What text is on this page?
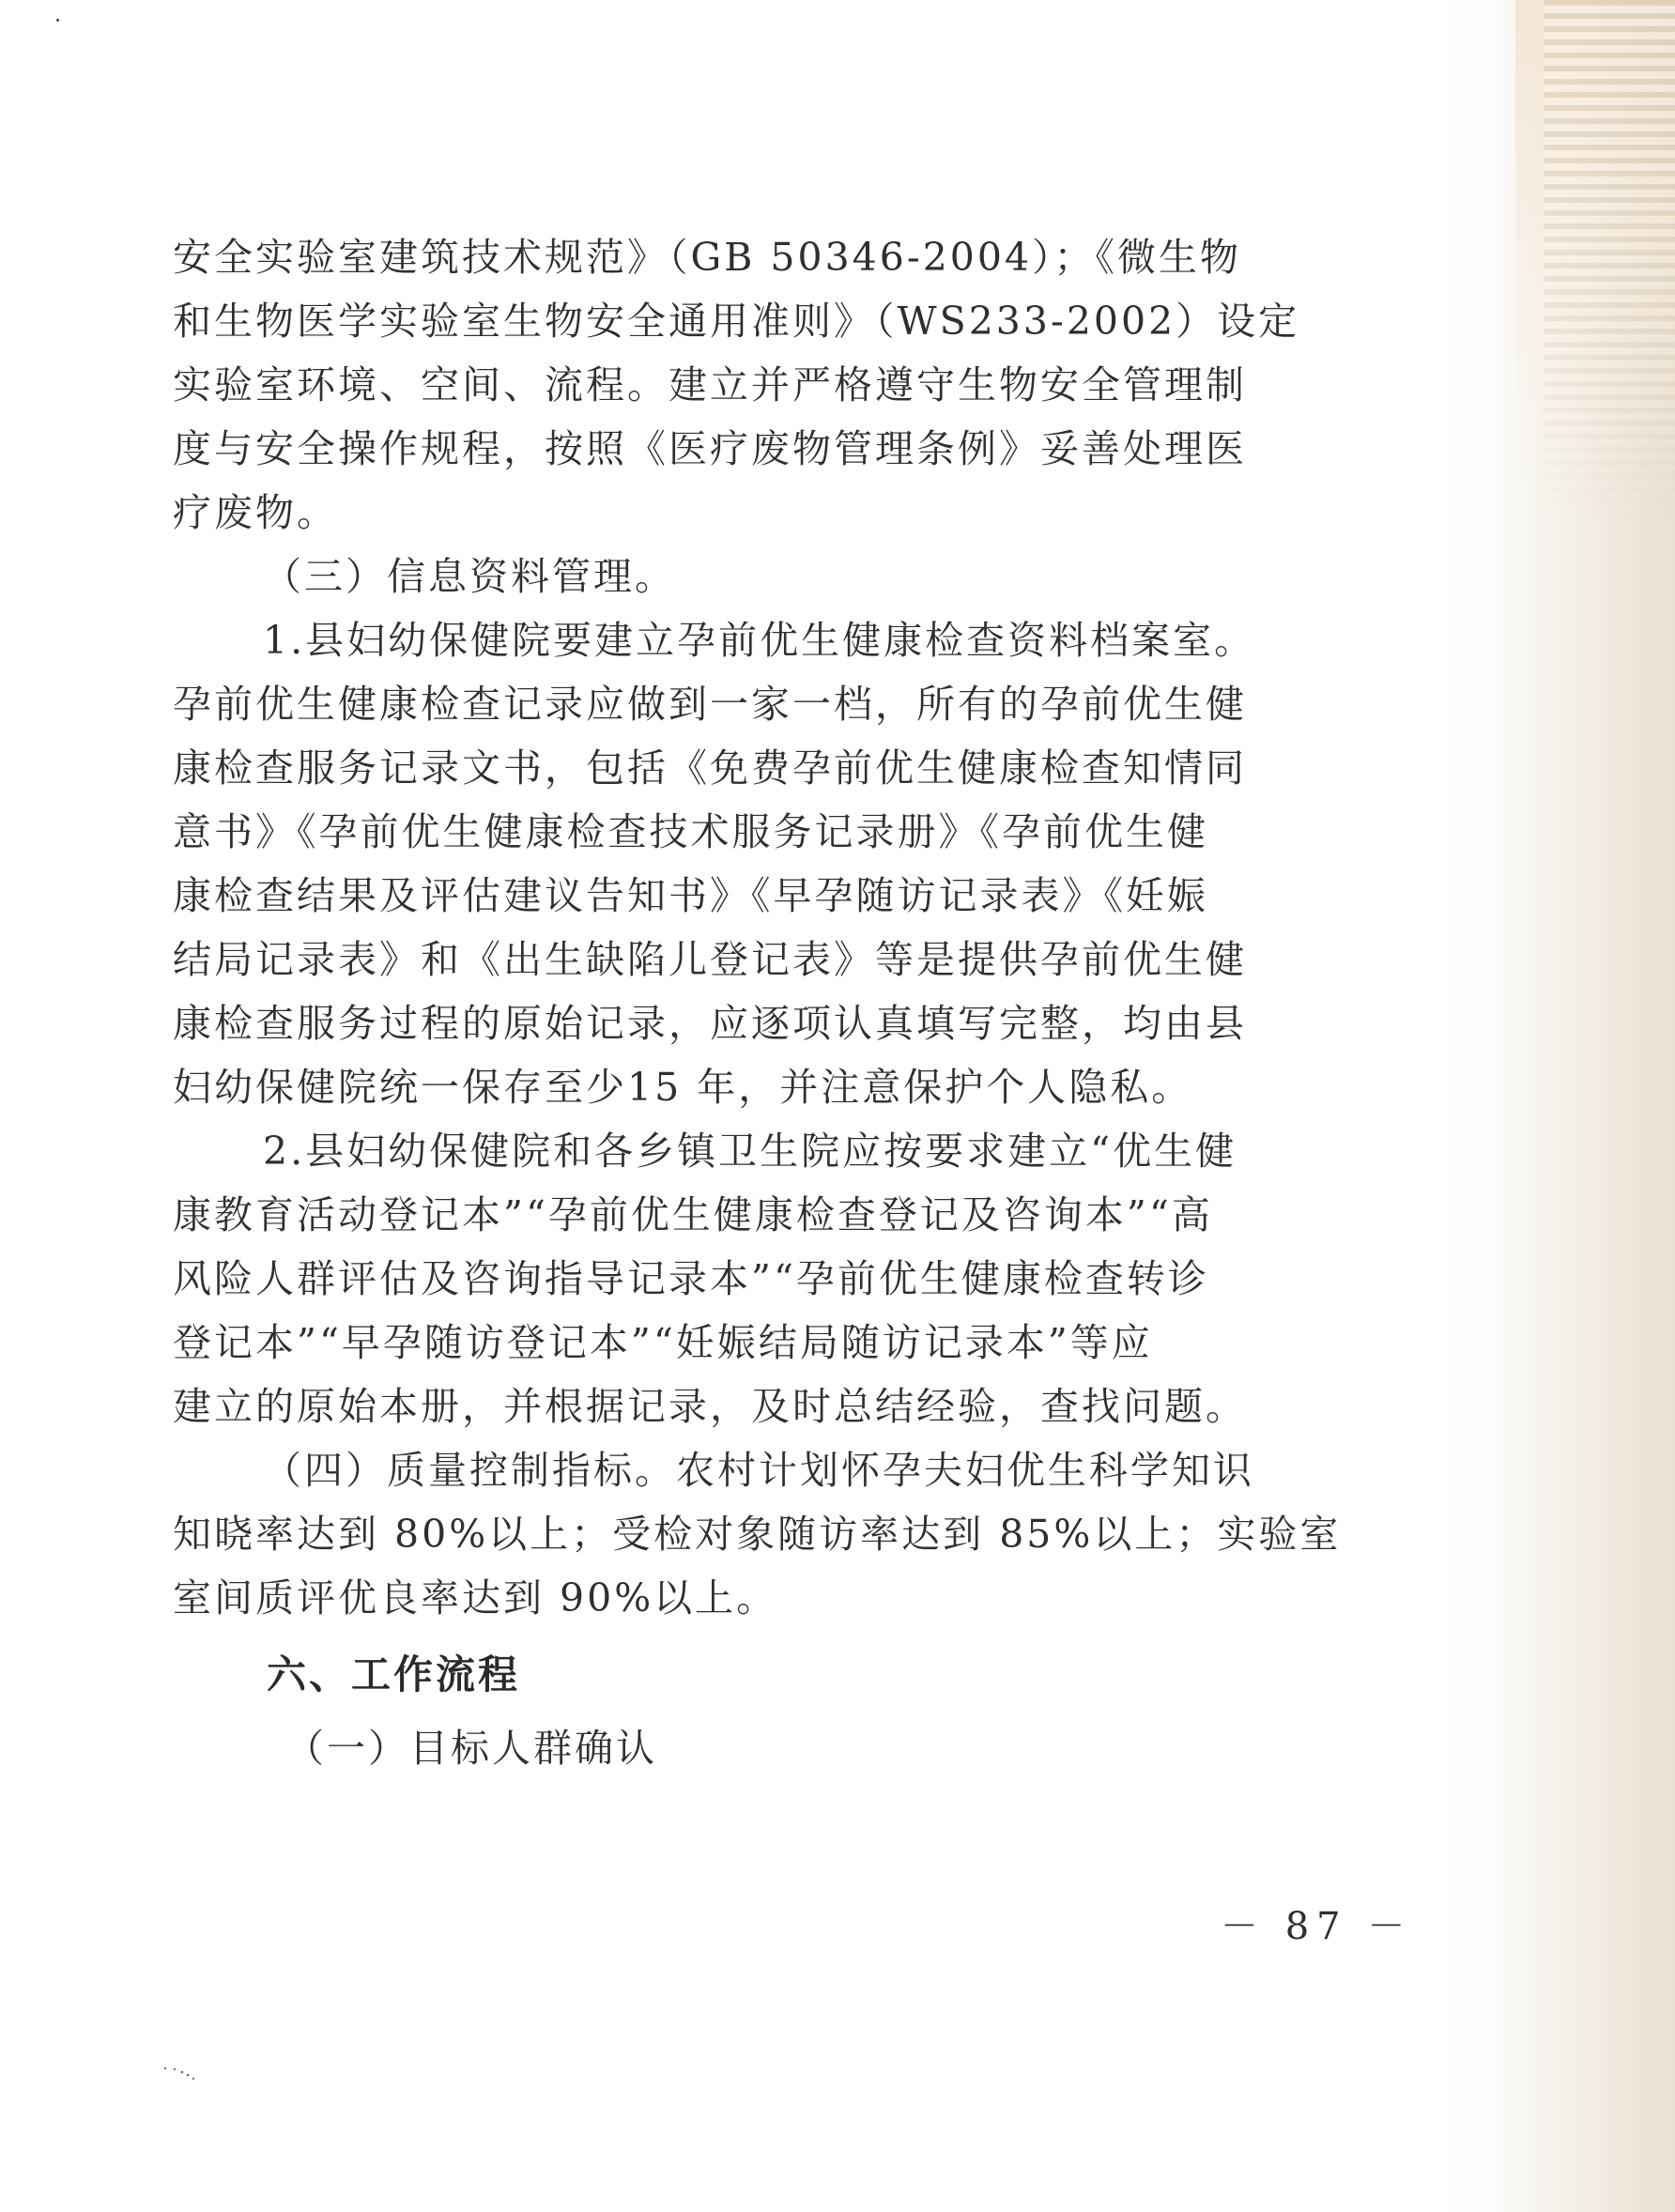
安全实验室建筑技术规范》（GB 50346-2004）；《微生物
和生物医学实验室生物安全通用准则》（WS233-2002）设定
实验室环境、空间、流程。建立并严格遵守生物安全管理制
度与安全操作规程，按照《医疗废物管理条例》妥善处理医
疗废物。
（三）信息资料管理。
1.县妇幼保健院要建立孕前优生健康检查资料档案室。
孕前优生健康检查记录应做到一家一档，所有的孕前优生健
康检查服务记录文书，包括《免费孕前优生健康检查知情同
意书》《孕前优生健康检查技术服务记录册》《孕前优生健
康检查结果及评估建议告知书》《早孕随访记录表》《妊娠
结局记录表》和《出生缺陷儿登记表》等是提供孕前优生健
康检查服务过程的原始记录，应逐项认真填写完整，均由县
妇幼保健院统一保存至少15 年，并注意保护个人隐私。
2.县妇幼保健院和各乡镇卫生院应按要求建立“优生健
康教育活动登记本”“孕前优生健康检查登记及咨询本”“高
风险人群评估及咨询指导记录本”“孕前优生健康检查转诊
登记本”“早孕随访登记本”“妊娠结局随访记录本”等应
建立的原始本册，并根据记录，及时总结经验，查找问题。
（四）质量控制指标。农村计划怀孕夫妇优生科学知识
知晓率达到 80%以上；受检对象随访率达到 85%以上；实验室
室间质评优良率达到 90%以上。
六、工作流程
（一）目标人群确认
－ 87 －
